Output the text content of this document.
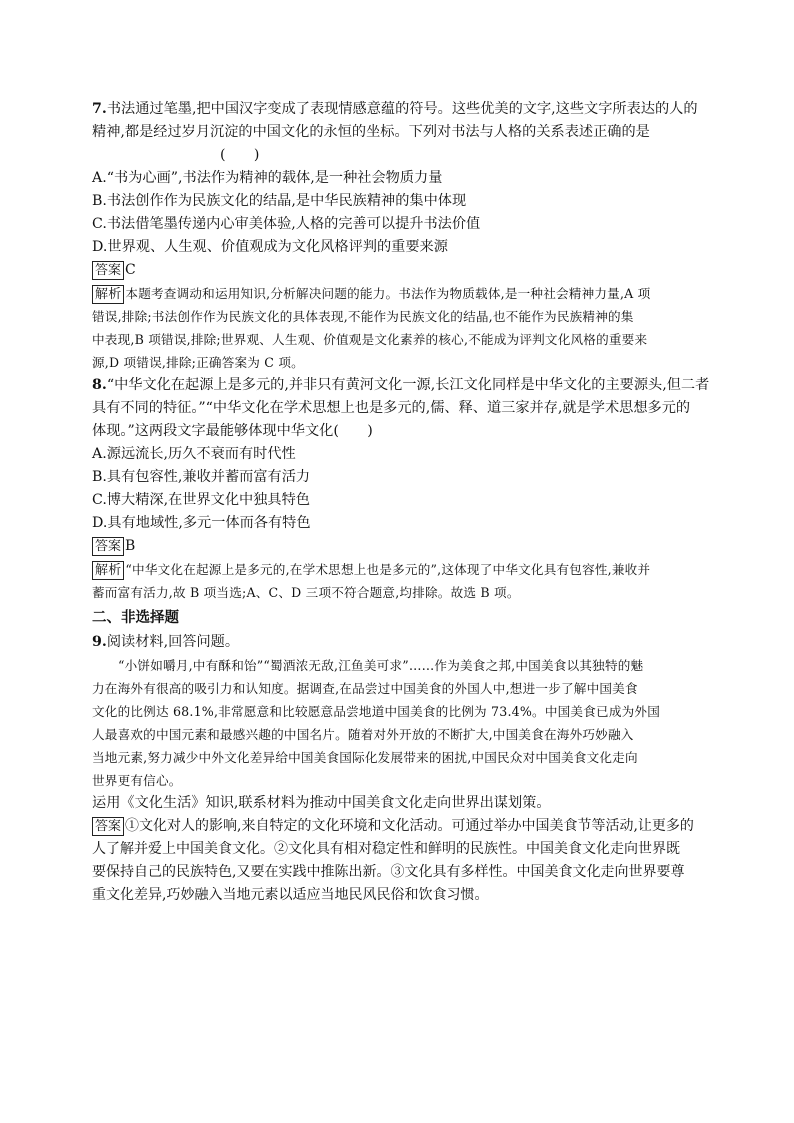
7.书法通过笔墨,把中国汉字变成了表现情感意蕴的符号。这些优美的文字,这些文字所表达的人的
精神,都是经过岁月沉淀的中国文化的永恒的坐标。下列对书法与人格的关系表述正确的是
(　　)
A.“书为心画”,书法作为精神的载体,是一种社会物质力量
B.书法创作作为民族文化的结晶,是中华民族精神的集中体现
C.书法借笔墨传递内心审美体验,人格的完善可以提升书法价值
D.世界观、人生观、价值观成为文化风格评判的重要来源
答案 C
解析 本题考查调动和运用知识,分析解决问题的能力。书法作为物质载体,是一种社会精神力量,A 项
错误,排除;书法创作作为民族文化的具体表现,不能作为民族文化的结晶,也不能作为民族精神的集
中表现,B 项错误,排除;世界观、人生观、价值观是文化素养的核心,不能成为评判文化风格的重要来
源,D 项错误,排除;正确答案为 C 项。
8.“中华文化在起源上是多元的,并非只有黄河文化一源,长江文化同样是中华文化的主要源头,但二者
具有不同的特征。”“中华文化在学术思想上也是多元的,儒、释、道三家并存,就是学术思想多元的
体现。”这两段文字最能够体现中华文化(　　)
A.源远流长,历久不衰而有时代性
B.具有包容性,兼收并蓄而富有活力
C.博大精深,在世界文化中独具特色
D.具有地域性,多元一体而各有特色
答案 B
解析 “中华文化在起源上是多元的,在学术思想上也是多元的”,这体现了中华文化具有包容性,兼收并
蓄而富有活力,故 B 项当选;A、C、D 三项不符合题意,均排除。故选 B 项。
二、非选择题
9.阅读材料,回答问题。
“小饼如嚼月,中有酥和饴”“蜀酒浓无敌,江鱼美可求”……作为美食之邦,中国美食以其独特的魅
力在海外有很高的吸引力和认知度。据调查,在品尝过中国美食的外国人中,想进一步了解中国美食
文化的比例达 68.1%,非常愿意和比较愿意品尝地道中国美食的比例为 73.4%。中国美食已成为外国
人最喜欢的中国元素和最感兴趣的中国名片。随着对外开放的不断扩大,中国美食在海外巧妙融入
当地元素,努力减少中外文化差异给中国美食国际化发展带来的困扰,中国民众对中国美食文化走向
世界更有信心。
运用《文化生活》知识,联系材料为推动中国美食文化走向世界出谋划策。
答案 ①文化对人的影响,来自特定的文化环境和文化活动。可通过举办中国美食节等活动,让更多的
人了解并爱上中国美食文化。②文化具有相对稳定性和鲜明的民族性。中国美食文化走向世界既
要保持自己的民族特色,又要在实践中推陈出新。③文化具有多样性。中国美食文化走向世界要尊
重文化差异,巧妙融入当地元素以适应当地民风民俗和饮食习惯。
